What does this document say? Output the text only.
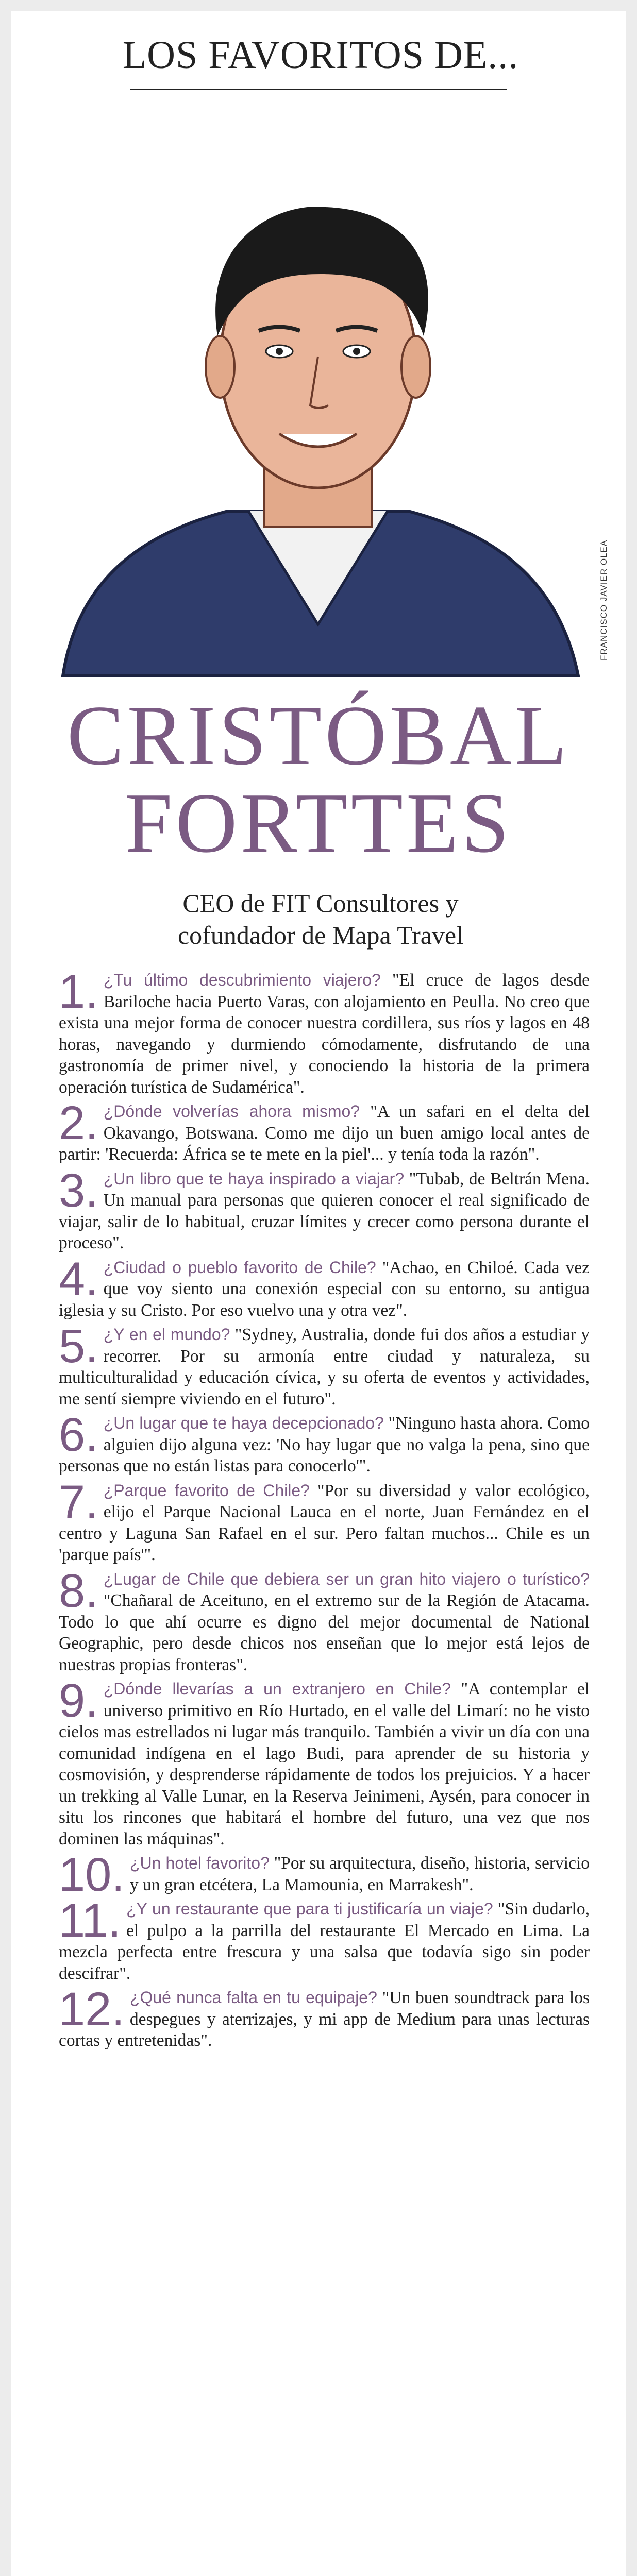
LOS FAVORITOS DE...
FRANCISCO JAVIER OLEA
CRISTÓBAL
FORTTES
CEO de FIT Consultores y
cofundador de Mapa Travel
1. ¿Tu último descubrimiento viajero? "El cruce de lagos desde Bariloche hacia Puerto Varas, con alojamiento en Peulla. No creo que exista una mejor forma de conocer nuestra cordillera, sus ríos y lagos en 48 horas, navegando y durmiendo cómodamente, disfrutando de una gastronomía de primer nivel, y conociendo la historia de la primera operación turística de Sudamérica".
2. ¿Dónde volverías ahora mismo? "A un safari en el delta del Okavango, Botswana. Como me dijo un buen amigo local antes de partir: 'Recuerda: África se te mete en la piel'... y tenía toda la razón".
3. ¿Un libro que te haya inspirado a viajar? "Tubab, de Beltrán Mena. Un manual para personas que quieren conocer el real significado de viajar, salir de lo habitual, cruzar límites y crecer como persona durante el proceso".
4. ¿Ciudad o pueblo favorito de Chile? "Achao, en Chiloé. Cada vez que voy siento una conexión especial con su entorno, su antigua iglesia y su Cristo. Por eso vuelvo una y otra vez".
5. ¿Y en el mundo? "Sydney, Australia, donde fui dos años a estudiar y recorrer. Por su armonía entre ciudad y naturaleza, su multiculturalidad y educación cívica, y su oferta de eventos y actividades, me sentí siempre viviendo en el futuro".
6. ¿Un lugar que te haya decepcionado? "Ninguno hasta ahora. Como alguien dijo alguna vez: 'No hay lugar que no valga la pena, sino que personas que no están listas para conocerlo'".
7. ¿Parque favorito de Chile? "Por su diversidad y valor ecológico, elijo el Parque Nacional Lauca en el norte, Juan Fernández en el centro y Laguna San Rafael en el sur. Pero faltan muchos... Chile es un 'parque país'".
8. ¿Lugar de Chile que debiera ser un gran hito viajero o turístico? "Chañaral de Aceituno, en el extremo sur de la Región de Atacama. Todo lo que ahí ocurre es digno del mejor documental de National Geographic, pero desde chicos nos enseñan que lo mejor está lejos de nuestras propias fronteras".
9. ¿Dónde llevarías a un extranjero en Chile? "A contemplar el universo primitivo en Río Hurtado, en el valle del Limarí: no he visto cielos mas estrellados ni lugar más tranquilo. También a vivir un día con una comunidad indígena en el lago Budi, para aprender de su historia y cosmovisión, y desprenderse rápidamente de todos los prejuicios. Y a hacer un trekking al Valle Lunar, en la Reserva Jeinimeni, Aysén, para conocer in situ los rincones que habitará el hombre del futuro, una vez que nos dominen las máquinas".
10. ¿Un hotel favorito? "Por su arquitectura, diseño, historia, servicio y un gran etcétera, La Mamounia, en Marrakesh".
11. ¿Y un restaurante que para ti justificaría un viaje? "Sin dudarlo, el pulpo a la parrilla del restaurante El Mercado en Lima. La mezcla perfecta entre frescura y una salsa que todavía sigo sin poder descifrar".
12. ¿Qué nunca falta en tu equipaje? "Un buen soundtrack para los despegues y aterrizajes, y mi app de Medium para unas lecturas cortas y entretenidas".
